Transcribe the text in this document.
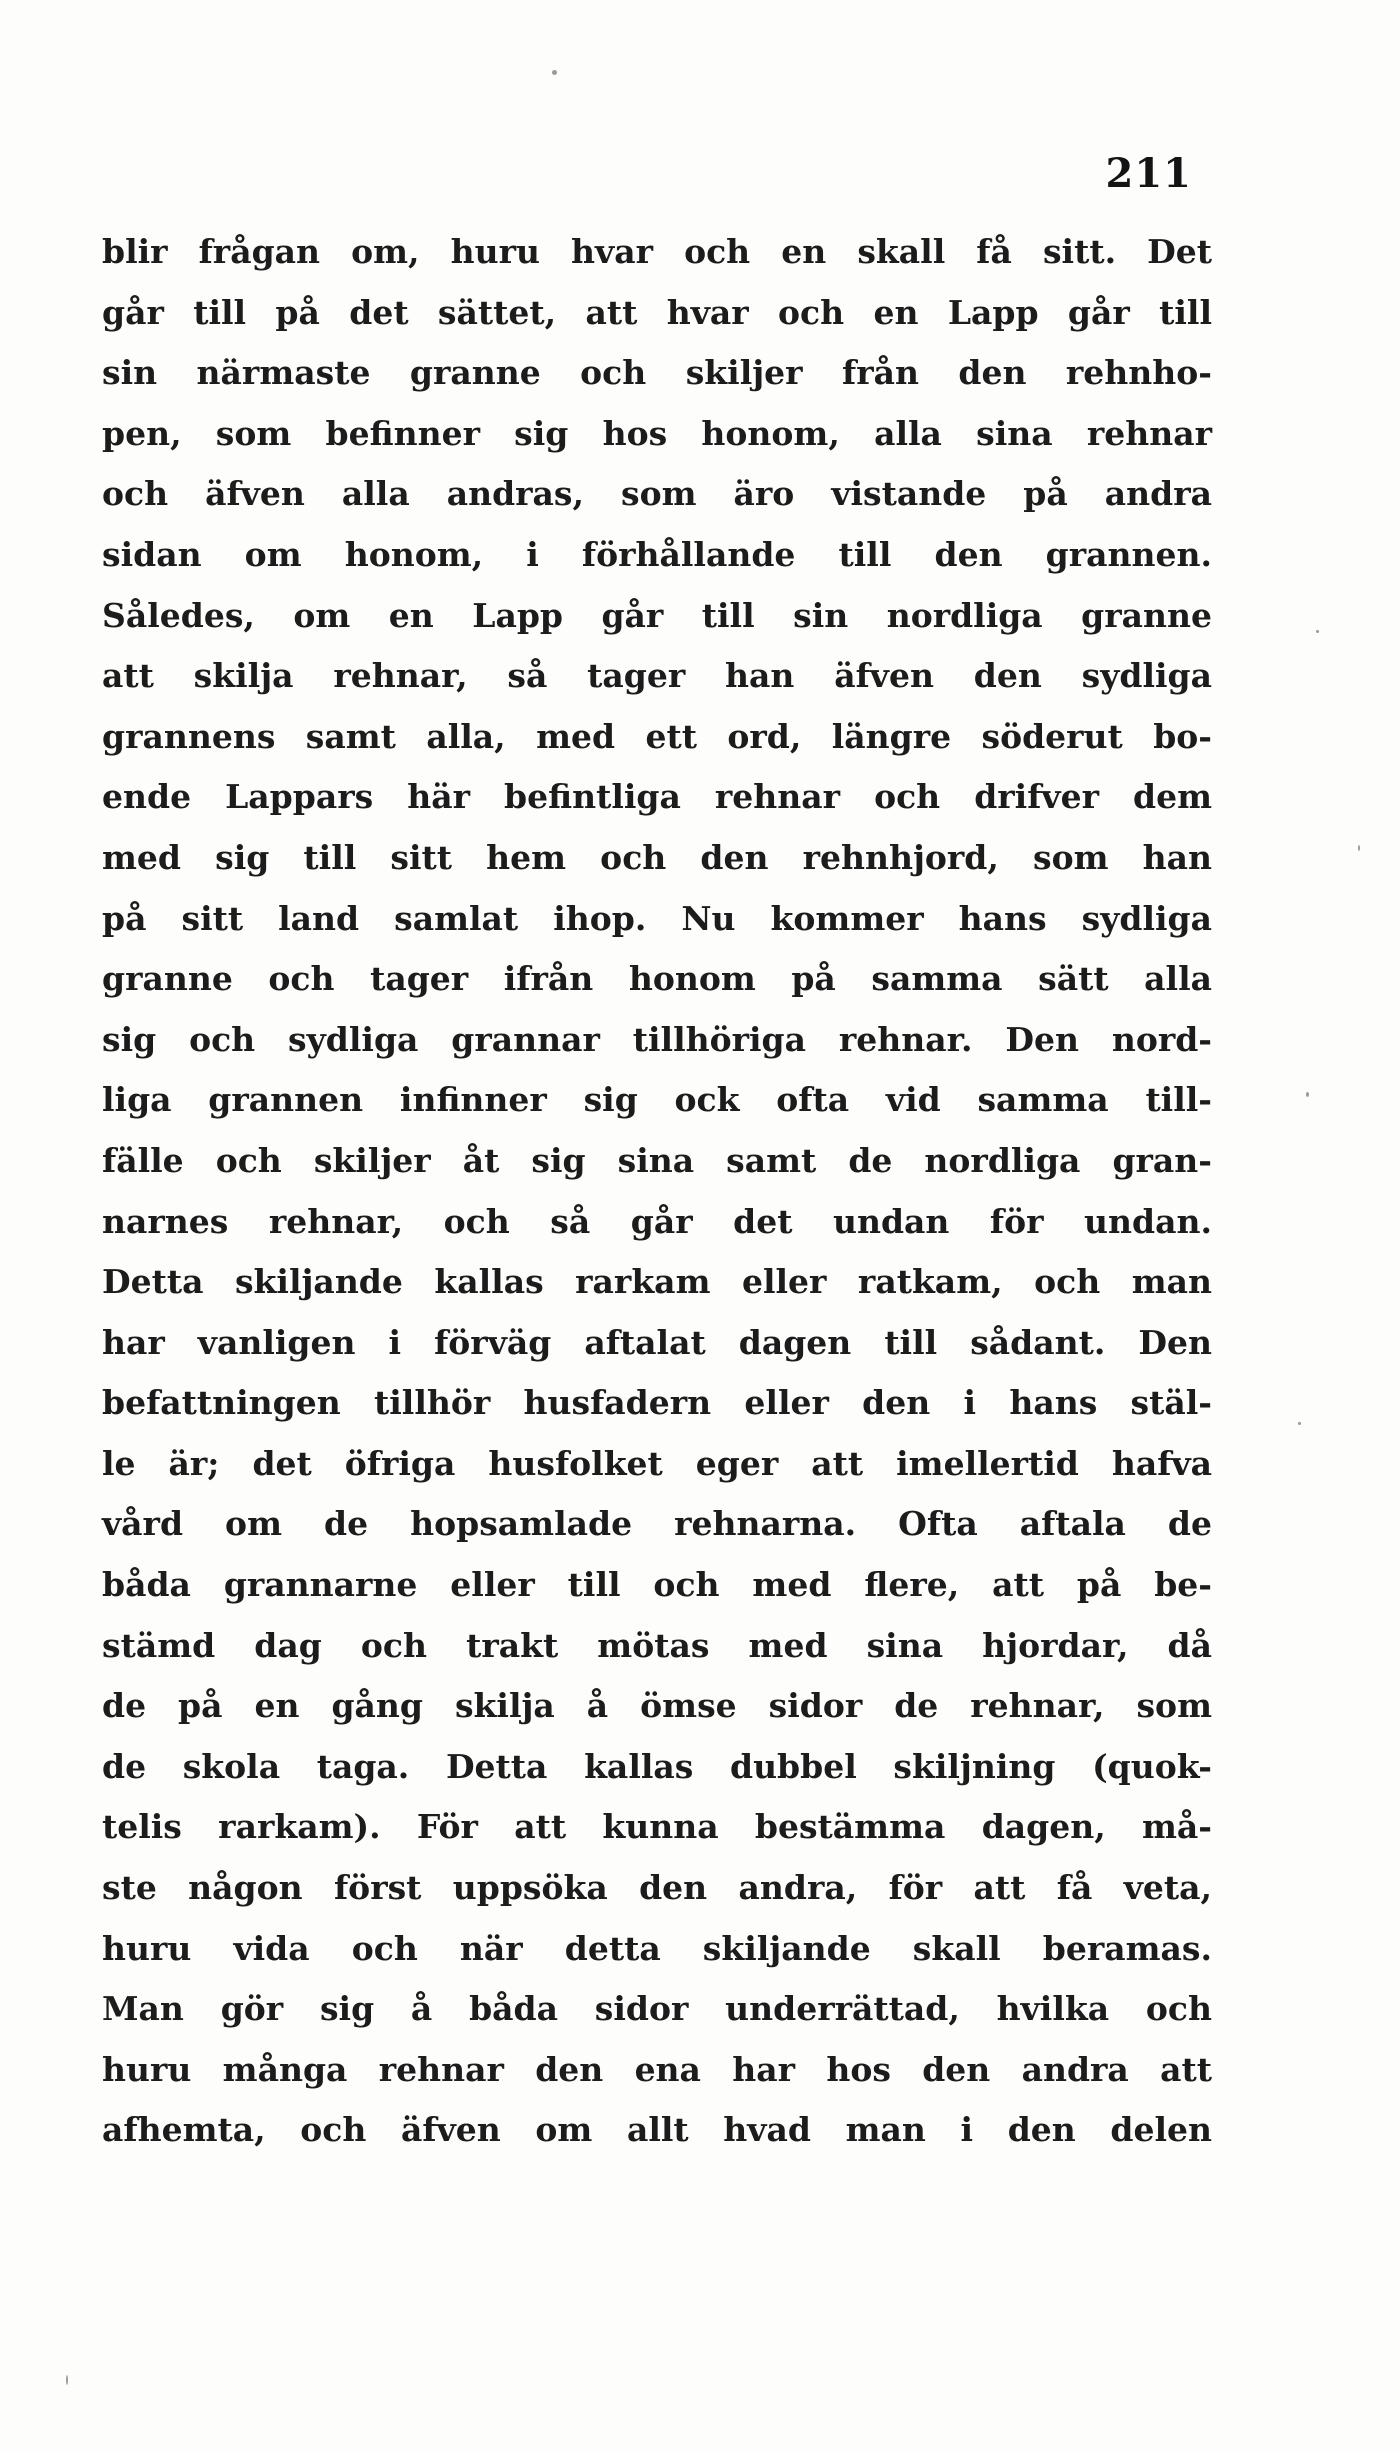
211
blir frågan om, huru hvar och en skall få sitt. Det
går till på det sättet, att hvar och en Lapp går till
sin närmaste granne och skiljer från den rehnho-
pen, som befinner sig hos honom, alla sina rehnar
och äfven alla andras, som äro vistande på andra
sidan om honom, i förhållande till den grannen.
Således, om en Lapp går till sin nordliga granne
att skilja rehnar, så tager han äfven den sydliga
grannens samt alla, med ett ord, längre söderut bo-
ende Lappars här befintliga rehnar och drifver dem
med sig till sitt hem och den rehnhjord, som han
på sitt land samlat ihop. Nu kommer hans sydliga
granne och tager ifrån honom på samma sätt alla
sig och sydliga grannar tillhöriga rehnar. Den nord-
liga grannen infinner sig ock ofta vid samma till-
fälle och skiljer åt sig sina samt de nordliga gran-
narnes rehnar, och så går det undan för undan.
Detta skiljande kallas rarkam eller ratkam, och man
har vanligen i förväg aftalat dagen till sådant. Den
befattningen tillhör husfadern eller den i hans stäl-
le är; det öfriga husfolket eger att imellertid hafva
vård om de hopsamlade rehnarna. Ofta aftala de
båda grannarne eller till och med flere, att på be-
stämd dag och trakt mötas med sina hjordar, då
de på en gång skilja å ömse sidor de rehnar, som
de skola taga. Detta kallas dubbel skiljning (quok-
telis rarkam). För att kunna bestämma dagen, må-
ste någon först uppsöka den andra, för att få veta,
huru vida och när detta skiljande skall beramas.
Man gör sig å båda sidor underrättad, hvilka och
huru många rehnar den ena har hos den andra att
afhemta, och äfven om allt hvad man i den delen
